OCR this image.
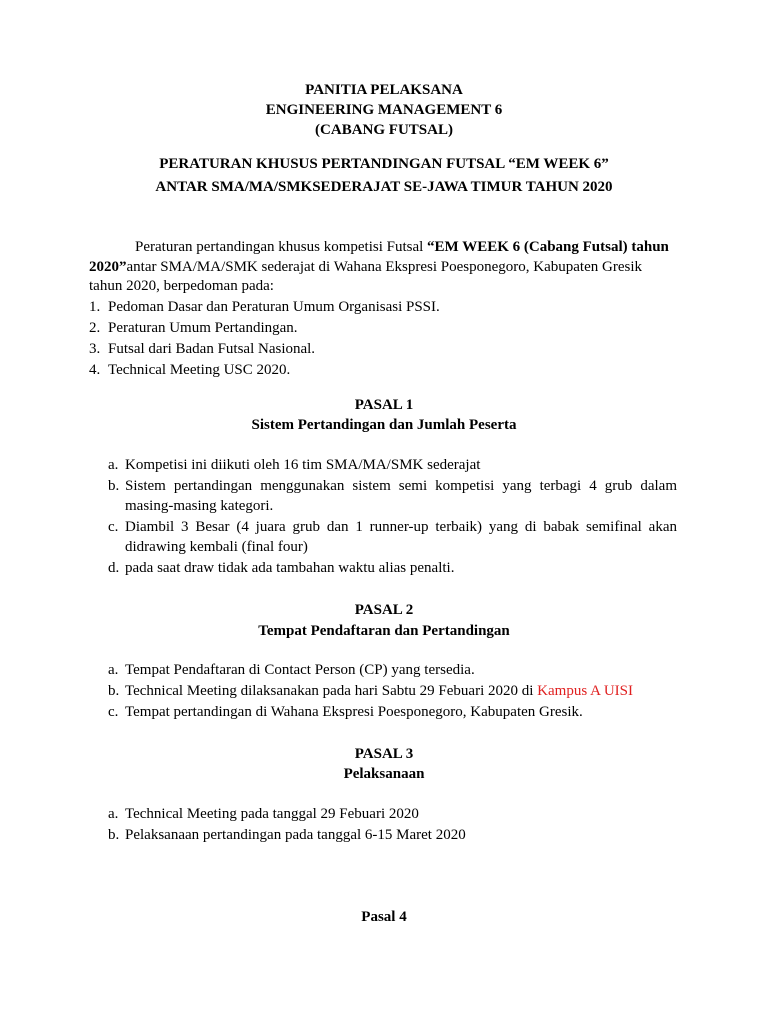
PANITIA PELAKSANA
ENGINEERING MANAGEMENT 6
(CABANG FUTSAL)
PERATURAN KHUSUS PERTANDINGAN FUTSAL “EM WEEK 6”
ANTAR SMA/MA/SMKSEDERAJAT SE-JAWA TIMUR TAHUN 2020
Peraturan pertandingan khusus kompetisi Futsal “EM WEEK 6 (Cabang Futsal) tahun
2020”antar SMA/MA/SMK sederajat di Wahana Ekspresi Poesponegoro, Kabupaten Gresik
tahun 2020, berpedoman pada:
1. Pedoman Dasar dan Peraturan Umum Organisasi PSSI.
2. Peraturan Umum Pertandingan.
3. Futsal dari Badan Futsal Nasional.
4. Technical Meeting USC 2020.
PASAL 1
Sistem Pertandingan dan Jumlah Peserta
a. Kompetisi ini diikuti oleh 16 tim SMA/MA/SMK sederajat
b. Sistem pertandingan menggunakan sistem semi kompetisi yang terbagi 4 grub dalam
masing-masing kategori.
c. Diambil 3 Besar (4 juara grub dan 1 runner-up terbaik) yang di babak semifinal akan
didrawing kembali (final four)
d. pada saat draw tidak ada tambahan waktu alias penalti.
PASAL 2
Tempat Pendaftaran dan Pertandingan
a. Tempat Pendaftaran di Contact Person (CP) yang tersedia.
b. Technical Meeting dilaksanakan pada hari Sabtu 29 Febuari 2020 di Kampus A UISI
c. Tempat pertandingan di Wahana Ekspresi Poesponegoro, Kabupaten Gresik.
PASAL 3
Pelaksanaan
a. Technical Meeting pada tanggal 29 Febuari 2020
b. Pelaksanaan pertandingan pada tanggal 6-15 Maret 2020
Pasal 4
